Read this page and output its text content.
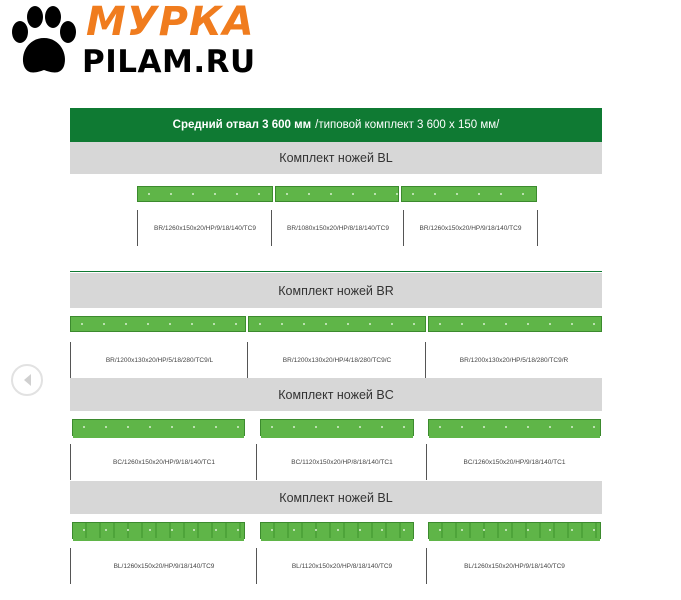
МУРКА
PILAM.RU
Средний отвал 3 600 мм /типовой комплект 3 600 x 150 мм/
Комплект ножей BL
BR/1260x150x20/HP/9/18/140/TC9	BR/1080x150x20/HP/8/18/140/TC9	BR/1260x150x20/HP/9/18/140/TC9
Комплект ножей BR
BR/1200x130x20/HP/5/18/280/TC9/L	BR/1200x130x20/HP/4/18/280/TC9/C	BR/1200x130x20/HP/5/18/280/TC9/R
Комплект ножей BC
BC/1260x150x20/HP/9/18/140/TC1	BC/1120x150x20/HP/8/18/140/TC1	BC/1260x150x20/HP/9/18/140/TC1
Комплект ножей BL
BL/1260x150x20/HP/9/18/140/TC9	BL/1120x150x20/HP/8/18/140/TC9	BL/1260x150x20/HP/9/18/140/TC9
